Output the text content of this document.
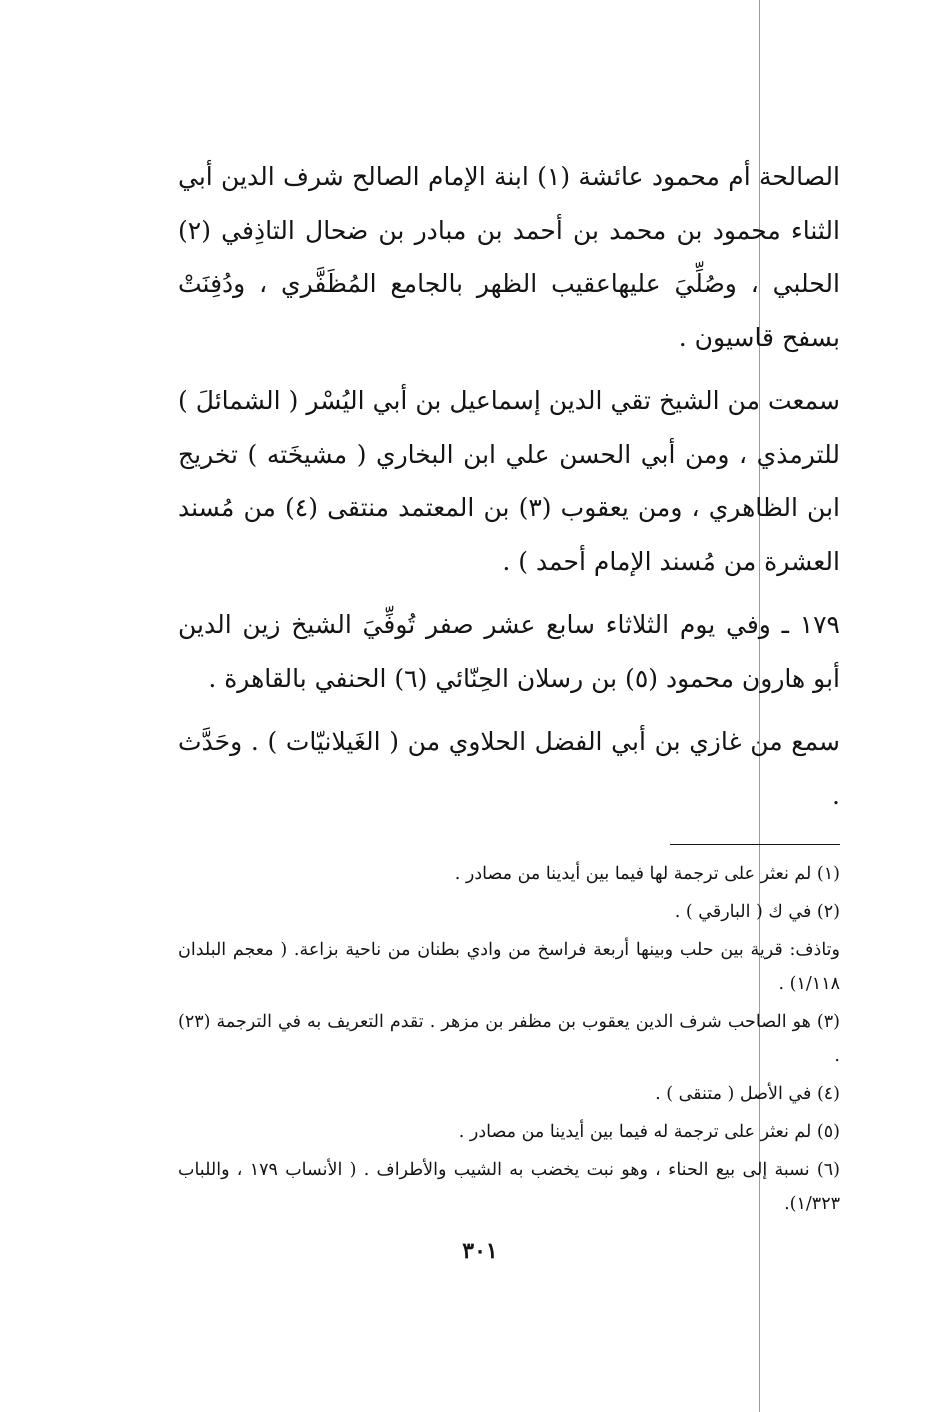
الصالحة أم محمود عائشة (١) ابنة الإمام الصالح شرف الدين أبي الثناء محمود بن محمد بن أحمد بن مبادر بن ضحال التاذِفي (٢) الحلبي ، وصُلِّيَ عليهاعقيب الظهر بالجامع المُظَفَّري ، ودُفِنَتْ بسفح قاسيون .

سمعت من الشيخ تقي الدين إسماعيل بن أبي اليُسْر ( الشمائلَ ) للترمذي ، ومن أبي الحسن علي ابن البخاري ( مشيخَته ) تخريج ابن الظاهري ، ومن يعقوب (٣) بن المعتمد منتقى (٤) من مُسند العشرة من مُسند الإمام أحمد ) .

١٧٩ ـ وفي يوم الثلاثاء سابع عشر صفر تُوفِّيَ الشيخ زين الدين أبو هارون محمود (٥) بن رسلان الحِنّائي (٦) الحنفي بالقاهرة .

سمع من غازي بن أبي الفضل الحلاوي من ( الغَيلانيّات ) . وحَدَّث .

(١) لم نعثر على ترجمة لها فيما بين أيدينا من مصادر .

(٢) في ك ( البارقي ) .

وتاذف: قرية بين حلب وبينها أربعة فراسخ من وادي بطنان من ناحية بزاعة. ( معجم البلدان ١/١١٨) .

(٣) هو الصاحب شرف الدين يعقوب بن مظفر بن مزهر . تقدم التعريف به في الترجمة (٢٣) .

(٤) في الأصل ( متنقى ) .

(٥) لم نعثر على ترجمة له فيما بين أيدينا من مصادر .

(٦) نسبة إلى بيع الحناء ، وهو نبت يخضب به الشيب والأطراف . ( الأنساب ١٧٩ ، واللباب ١/٣٢٣).

٣٠١
